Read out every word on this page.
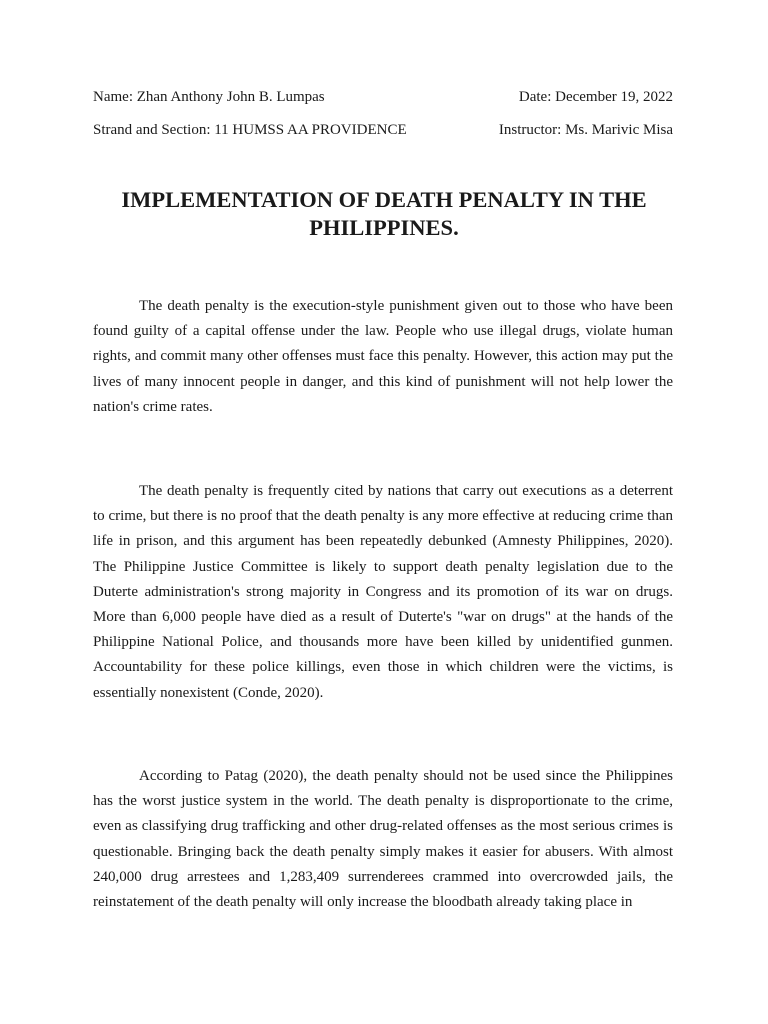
Name: Zhan Anthony John B. Lumpas	Date: December 19, 2022
Strand and Section: 11 HUMSS AA PROVIDENCE	Instructor: Ms. Marivic Misa
IMPLEMENTATION OF DEATH PENALTY IN THE PHILIPPINES.

The death penalty is the execution-style punishment given out to those who have been found guilty of a capital offense under the law. People who use illegal drugs, violate human rights, and commit many other offenses must face this penalty. However, this action may put the lives of many innocent people in danger, and this kind of punishment will not help lower the nation's crime rates.

The death penalty is frequently cited by nations that carry out executions as a deterrent to crime, but there is no proof that the death penalty is any more effective at reducing crime than life in prison, and this argument has been repeatedly debunked (Amnesty Philippines, 2020). The Philippine Justice Committee is likely to support death penalty legislation due to the Duterte administration's strong majority in Congress and its promotion of its war on drugs. More than 6,000 people have died as a result of Duterte's "war on drugs" at the hands of the Philippine National Police, and thousands more have been killed by unidentified gunmen. Accountability for these police killings, even those in which children were the victims, is essentially nonexistent (Conde, 2020).

According to Patag (2020), the death penalty should not be used since the Philippines has the worst justice system in the world. The death penalty is disproportionate to the crime, even as classifying drug trafficking and other drug-related offenses as the most serious crimes is questionable. Bringing back the death penalty simply makes it easier for abusers. With almost 240,000 drug arrestees and 1,283,409 surrenderees crammed into overcrowded jails, the reinstatement of the death penalty will only increase the bloodbath already taking place in
